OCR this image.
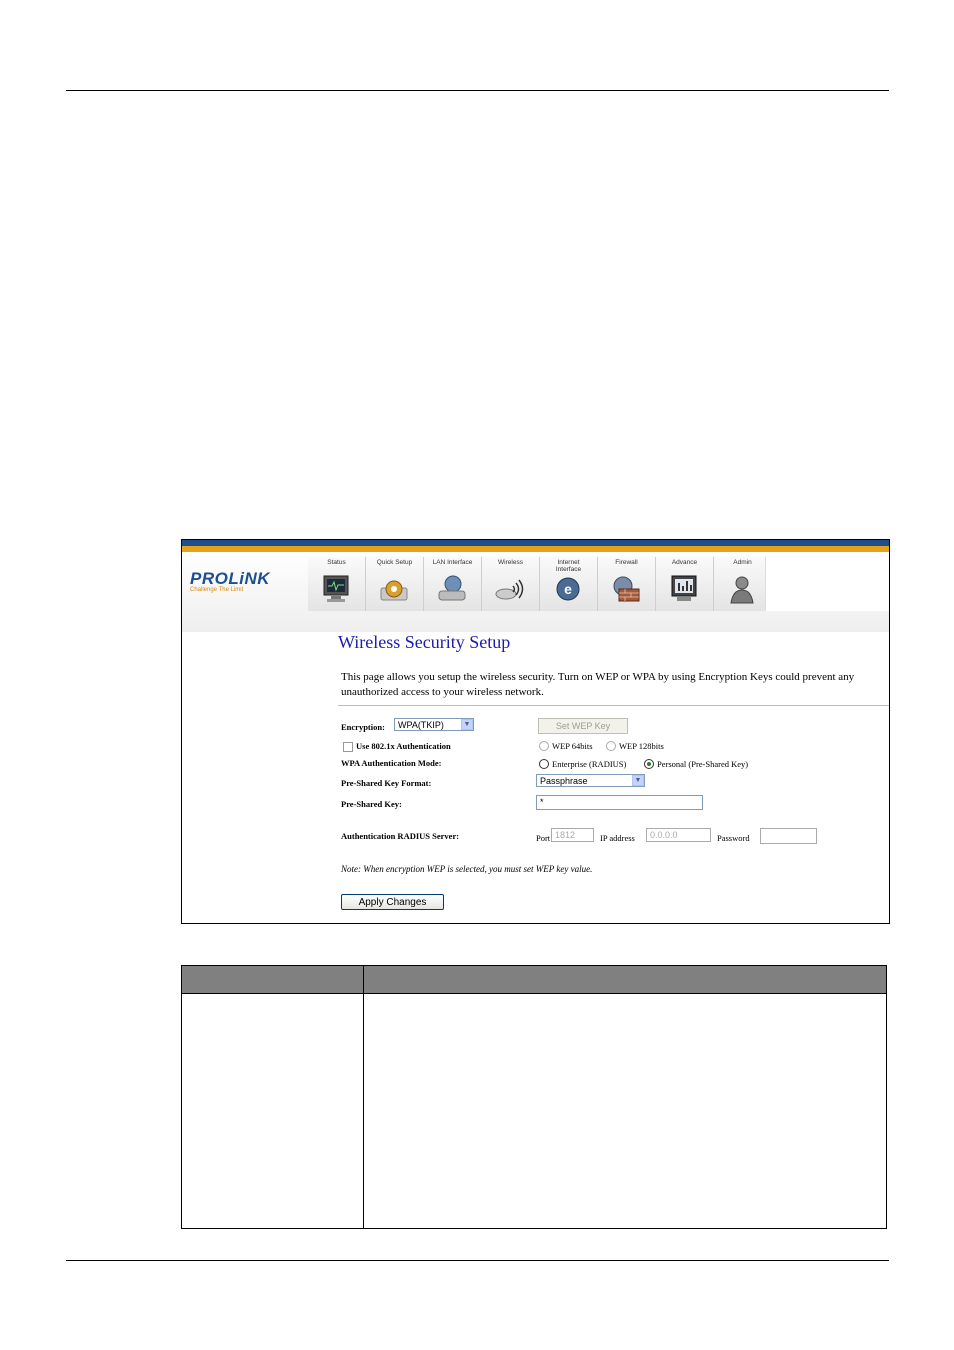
PROLiNK
Challenge The Limit
Status	Quick Setup	LAN Interface	Wireless	Internet Interface
e
Firewall	Advance	Admin
Wireless Security Setup
This page allows you setup the wireless security. Turn on WEP or WPA by using Encryption Keys could prevent any unauthorized access to your wireless network.
Encryption:	WPA(TKIP)	▼	Set WEP Key
Use 802.1x Authentication	WEP 64bits	WEP 128bits
WPA Authentication Mode:	Enterprise (RADIUS)	Personal (Pre-Shared Key)
Pre-Shared Key Format:	Passphrase	▼
Pre-Shared Key:	*
Authentication RADIUS Server:	Port 1812	IP address	0.0.0.0	Password
Note: When encryption WEP is selected, you must set WEP key value.
Apply Changes
